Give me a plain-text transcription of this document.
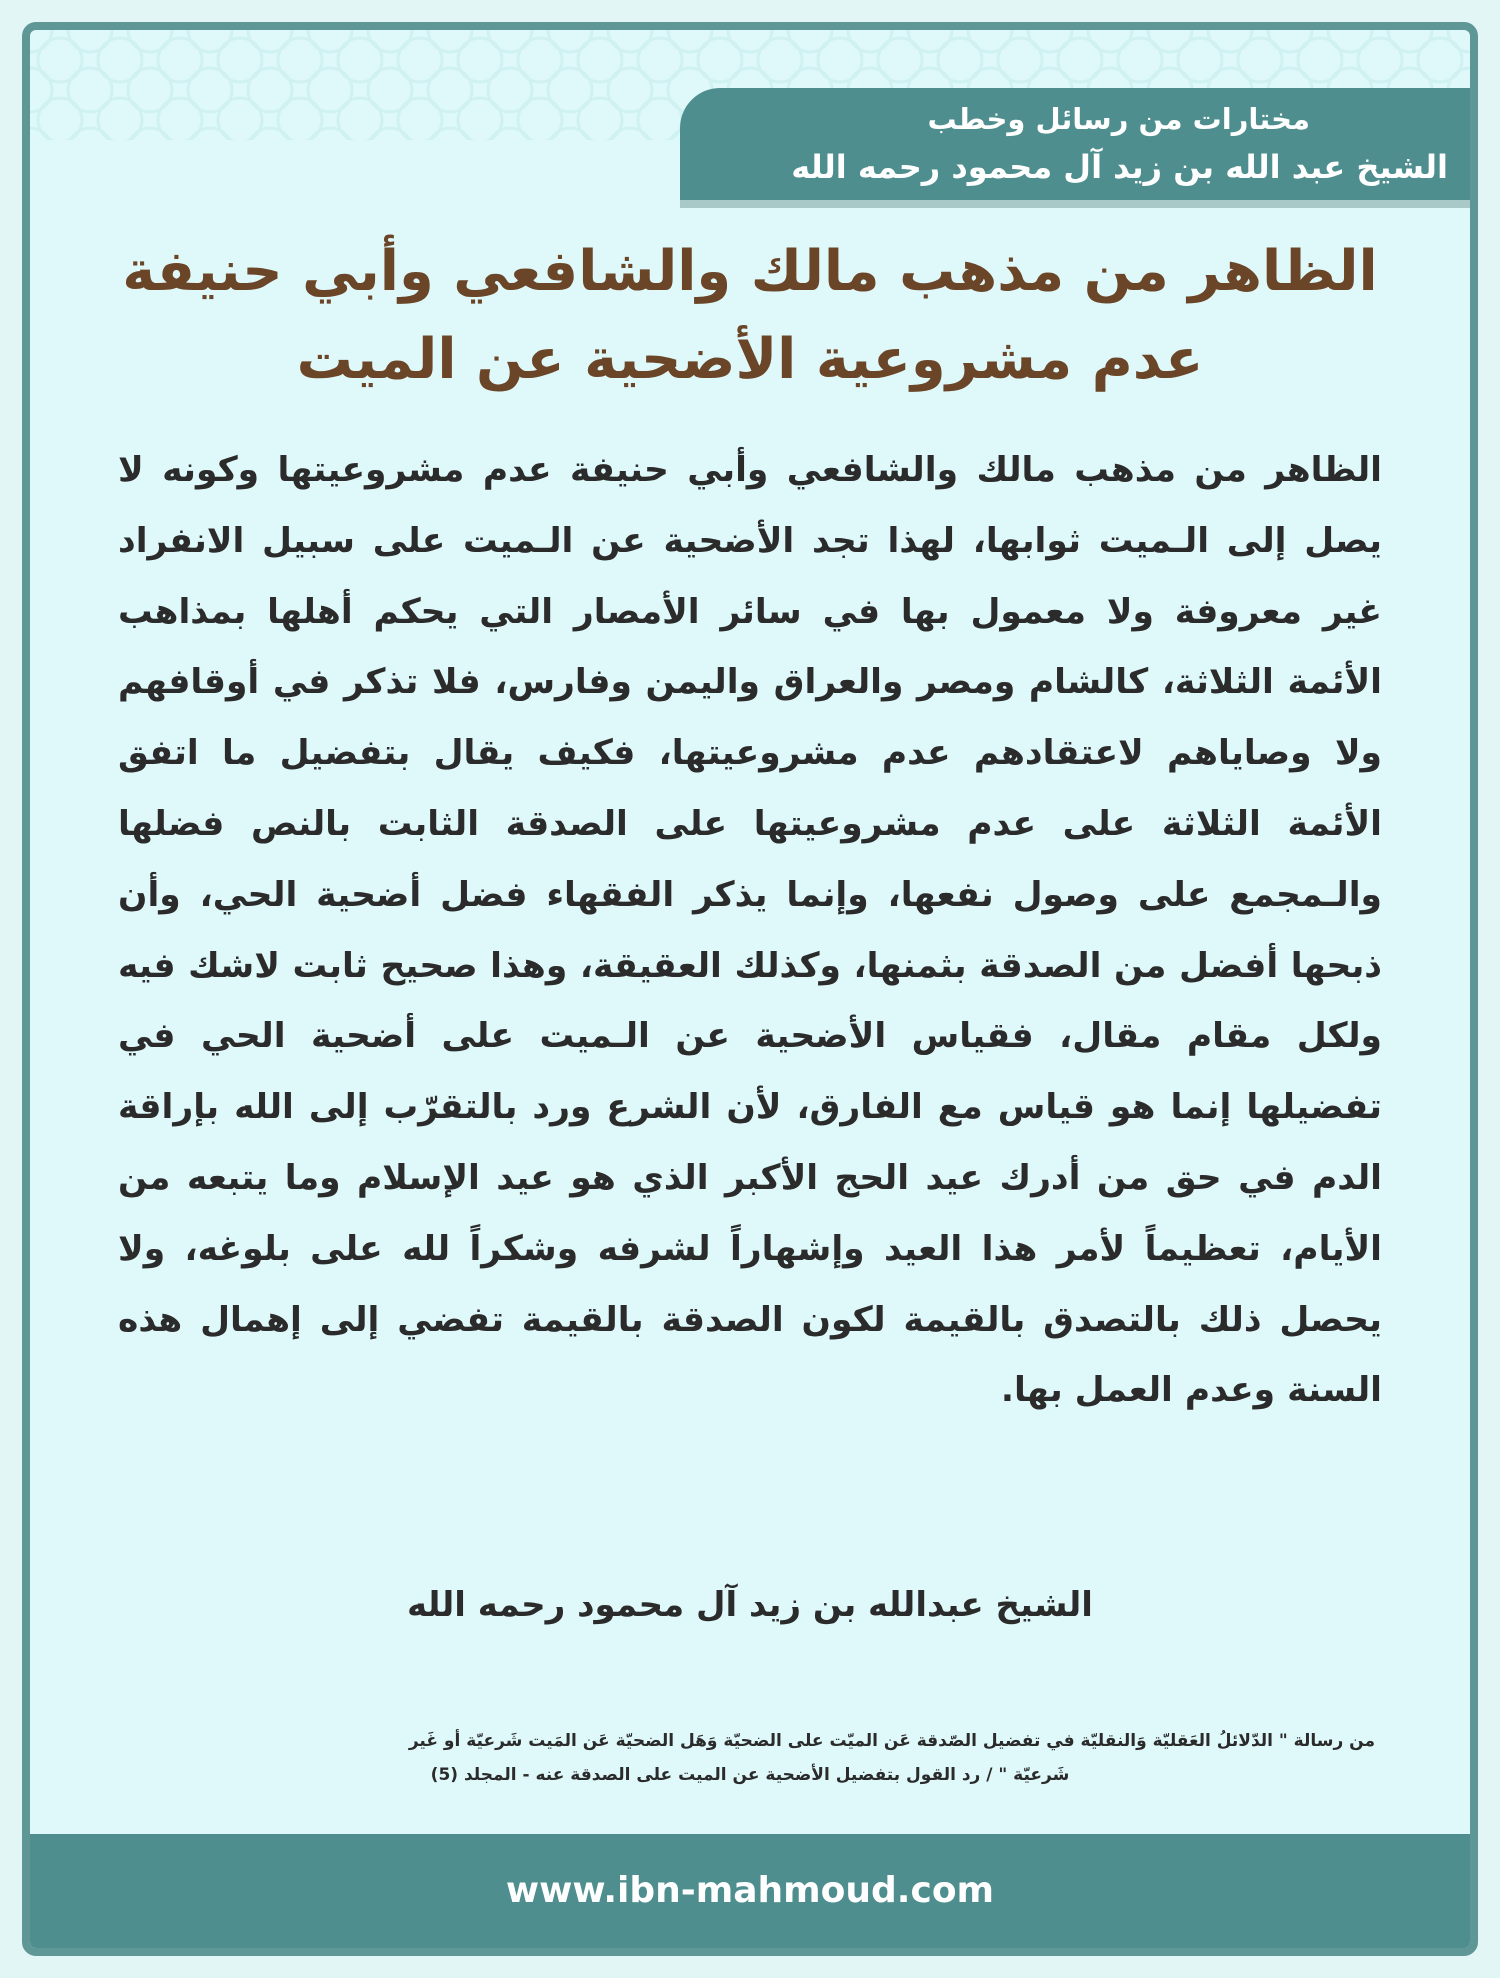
مختارات من رسائل وخطب
الشيخ عبد الله بن زيد آل محمود رحمه الله
الظاهر من مذهب مالك والشافعي وأبي حنيفة
عدم مشروعية الأضحية عن الميت
الظاهر من مذهب مالك والشافعي وأبي حنيفة عدم مشروعيتها وكونه لا يصل إلى الـميت ثوابها، لهذا تجد الأضحية عن الـميت على سبيل الانفراد غير معروفة ولا معمول بها في سائر الأمصار التي يحكم أهلها بمذاهب الأئمة الثلاثة، كالشام ومصر والعراق واليمن وفارس، فلا تذكر في أوقافهم ولا وصاياهم لاعتقادهم عدم مشروعيتها، فكيف يقال بتفضيل ما اتفق الأئمة الثلاثة على عدم مشروعيتها على الصدقة الثابت بالنص فضلها والـمجمع على وصول نفعها، وإنما يذكر الفقهاء فضل أضحية الحي، وأن ذبحها أفضل من الصدقة بثمنها، وكذلك العقيقة، وهذا صحيح ثابت لاشك فيه ولكل مقام مقال، فقياس الأضحية عن الـميت على أضحية الحي في تفضيلها إنما هو قياس مع الفارق، لأن الشرع ورد بالتقرّب إلى الله بإراقة الدم في حق من أدرك عيد الحج الأكبر الذي هو عيد الإسلام وما يتبعه من الأيام، تعظيماً لأمر هذا العيد وإشهاراً لشرفه وشكراً لله على بلوغه، ولا يحصل ذلك بالتصدق بالقيمة لكون الصدقة بالقيمة تفضي إلى إهمال هذه السنة وعدم العمل بها.
الشيخ عبدالله بن زيد آل محمود رحمه الله
من رسالة " الدّلائلُ العَقليّة وَالنقليّة في تفضيل الصّدقة عَن الميّت على الضحيّة وَهَل الضحيّة عَن المَيت شَرعيّة أو غَير
شَرعيّة " / رد القول بتفضيل الأضحية عن الميت على الصدقة عنه - المجلد (5)
www.ibn-mahmoud.com
